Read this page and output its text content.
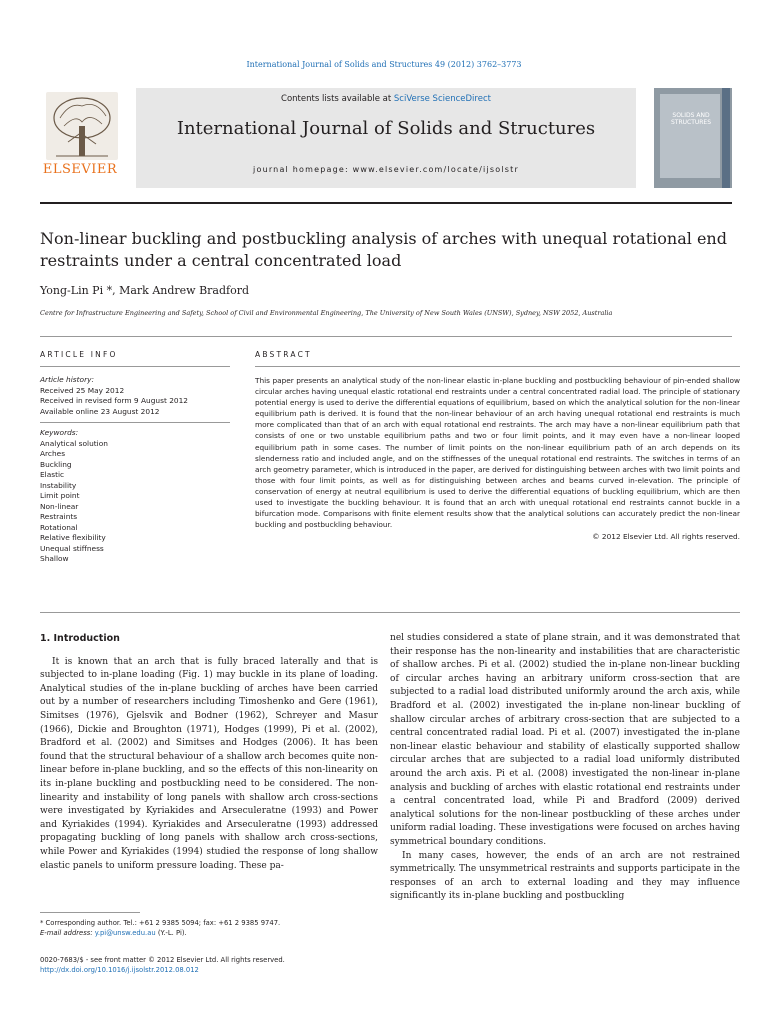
International Journal of Solids and Structures 49 (2012) 3762–3773
ELSEVIER
Contents lists available at SciVerse ScienceDirect
International Journal of Solids and Structures
journal homepage: www.elsevier.com/locate/ijsolstr
SOLIDS AND STRUCTURES
Non-linear buckling and postbuckling analysis of arches with unequal rotational end restraints under a central concentrated load
Yong-Lin Pi *, Mark Andrew Bradford
Centre for Infrastructure Engineering and Safety, School of Civil and Environmental Engineering, The University of New South Wales (UNSW), Sydney, NSW 2052, Australia
ARTICLE INFO	ABSTRACT
Article history:
Received 25 May 2012
Received in revised form 9 August 2012
Available online 23 August 2012
Keywords:
Analytical solution
Arches
Buckling
Elastic
Instability
Limit point
Non-linear
Restraints
Rotational
Relative flexibility
Unequal stiffness
Shallow
This paper presents an analytical study of the non-linear elastic in-plane buckling and postbuckling behaviour of pin-ended shallow circular arches having unequal elastic rotational end restraints under a central concentrated radial load. The principle of stationary potential energy is used to derive the differential equations of equilibrium, based on which the analytical solution for the non-linear equilibrium path is derived. It is found that the non-linear behaviour of an arch having unequal rotational end restraints is much more complicated than that of an arch with equal rotational end restraints. The arch may have a non-linear equilibrium path that consists of one or two unstable equilibrium paths and two or four limit points, and it may even have a non-linear looped equilibrium path in some cases. The number of limit points on the non-linear equilibrium path of an arch depends on its slenderness ratio and included angle, and on the stiffnesses of the unequal rotational end restraints. The switches in terms of an arch geometry parameter, which is introduced in the paper, are derived for distinguishing between arches with two limit points and those with four limit points, as well as for distinguishing between arches and beams curved in-elevation. The principle of conservation of energy at neutral equilibrium is used to derive the differential equations of buckling equilibrium, which are then used to investigate the buckling behaviour. It is found that an arch with unequal rotational end restraints cannot buckle in a bifurcation mode. Comparisons with finite element results show that the analytical solutions can accurately predict the non-linear buckling and postbuckling behaviour.
© 2012 Elsevier Ltd. All rights reserved.
1. Introduction

It is known that an arch that is fully braced laterally and that is subjected to in-plane loading (Fig. 1) may buckle in its plane of loading. Analytical studies of the in-plane buckling of arches have been carried out by a number of researchers including Timoshenko and Gere (1961), Simitses (1976), Gjelsvik and Bodner (1962), Schreyer and Masur (1966), Dickie and Broughton (1971), Hodges (1999), Pi et al. (2002), Bradford et al. (2002) and Simitses and Hodges (2006). It has been found that the structural behaviour of a shallow arch becomes quite non-linear before in-plane buckling, and so the effects of this non-linearity on its in-plane buckling and postbuckling need to be considered. The non-linearity and instability of long panels with shallow arch cross-sections were investigated by Kyriakides and Arseculeratne (1993) and Power and Kyriakides (1994). Kyriakides and Arseculeratne (1993) addressed propagating buckling of long panels with shallow arch cross-sections, while Power and Kyriakides (1994) studied the response of long shallow elastic panels to uniform pressure loading. These pa-

nel studies considered a state of plane strain, and it was demonstrated that their response has the non-linearity and instabilities that are characteristic of shallow arches. Pi et al. (2002) studied the in-plane non-linear buckling of circular arches having an arbitrary uniform cross-section that are subjected to a radial load distributed uniformly around the arch axis, while Bradford et al. (2002) investigated the in-plane non-linear buckling of shallow circular arches of arbitrary cross-section that are subjected to a central concentrated radial load. Pi et al. (2007) investigated the in-plane non-linear elastic behaviour and stability of elastically supported shallow circular arches that are subjected to a radial load uniformly distributed around the arch axis. Pi et al. (2008) investigated the non-linear in-plane analysis and buckling of arches with elastic rotational end restraints under a central concentrated load, while Pi and Bradford (2009) derived analytical solutions for the non-linear postbuckling of these arches under uniform radial loading. These investigations were focused on arches having symmetrical boundary conditions.

In many cases, however, the ends of an arch are not restrained symmetrically. The unsymmetrical restraints and supports participate in the responses of an arch to external loading and they may influence significantly its in-plane buckling and postbuckling

* Corresponding author. Tel.: +61 2 9385 5094; fax: +61 2 9385 9747.
E-mail address: y.pi@unsw.edu.au (Y.-L. Pi).
0020-7683/$ - see front matter © 2012 Elsevier Ltd. All rights reserved.
http://dx.doi.org/10.1016/j.ijsolstr.2012.08.012
